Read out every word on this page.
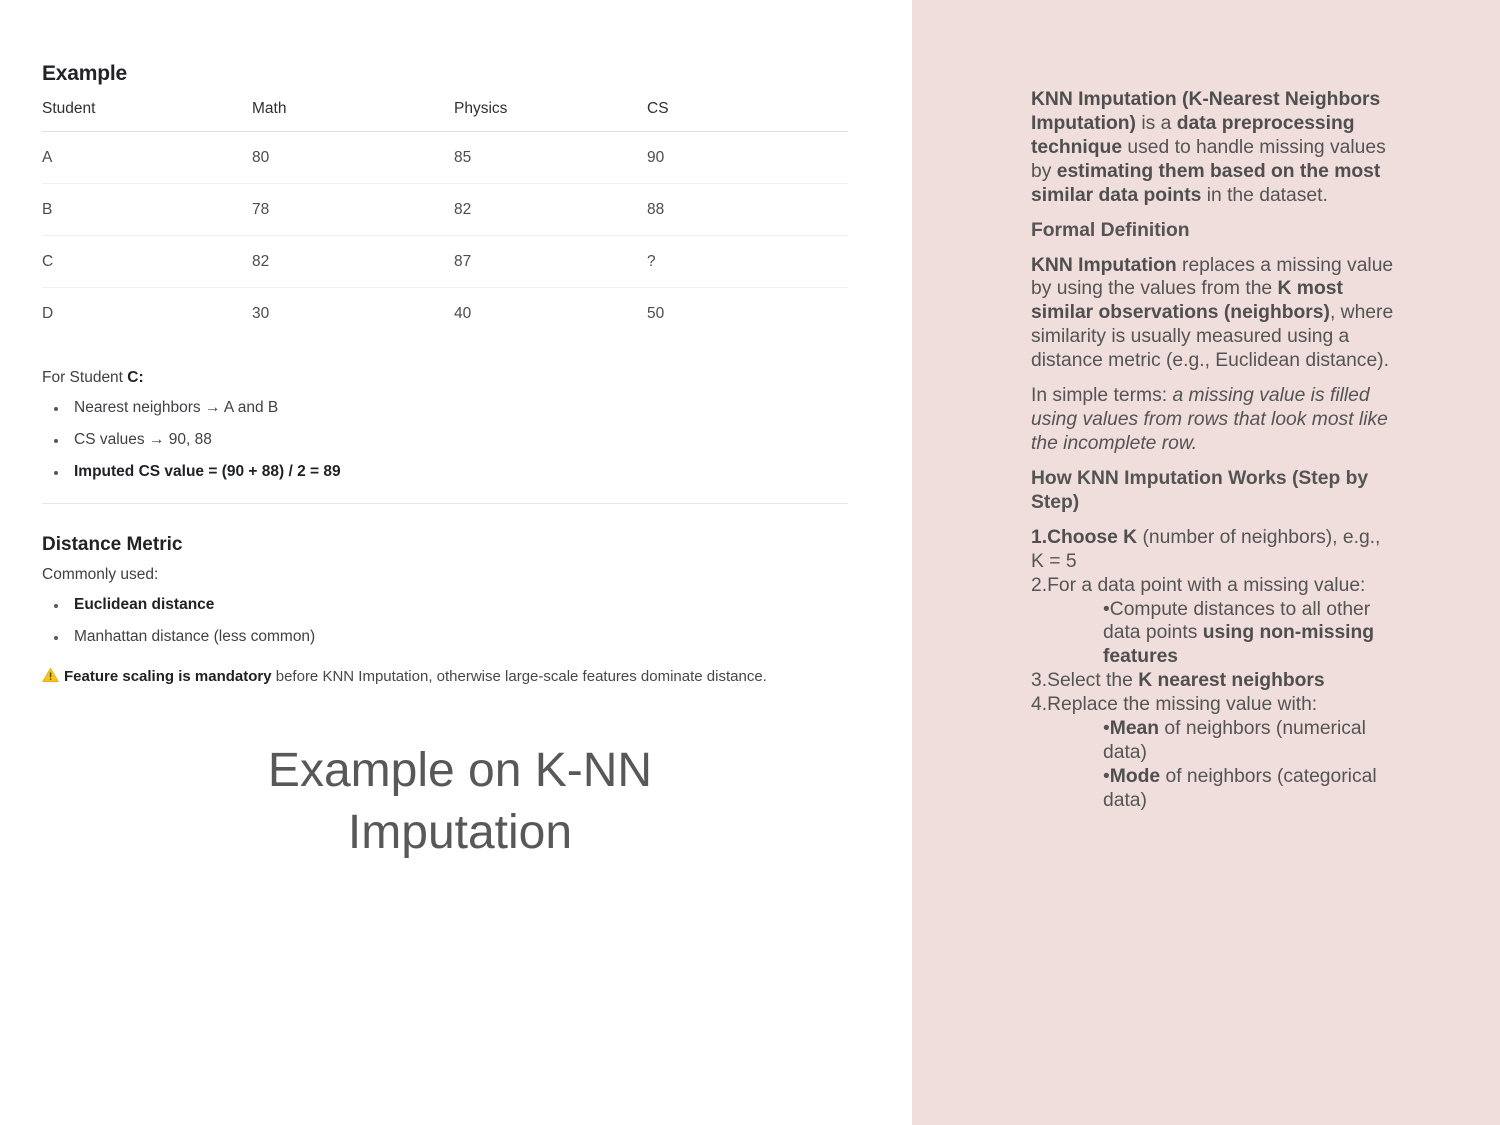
Example
Student	Math	Physics	CS
A	80	85	90
B	78	82	88
C	82	87	?
D	30	40	50

For Student C:

Nearest neighbors → A and B
CS values → 90, 88
Imputed CS value = (90 + 88) / 2 = 89
Distance Metric

Commonly used:

Euclidean distance
Manhattan distance (less common)
Feature scaling is mandatory before KNN Imputation, otherwise large-scale features dominate distance.
Example on K-NN
Imputation

KNN Imputation (K-Nearest Neighbors Imputation) is a data preprocessing technique used to handle missing values by estimating them based on the most similar data points in the dataset.

Formal Definition

KNN Imputation replaces a missing value by using the values from the K most similar observations (neighbors), where similarity is usually measured using a distance metric (e.g., Euclidean distance).

In simple terms: a missing value is filled using values from rows that look most like the incomplete row.

How KNN Imputation Works (Step by Step)

1.Choose K (number of neighbors), e.g., K = 5
2.For a data point with a missing value:
•Compute distances to all other data points using non-missing features
3.Select the K nearest neighbors
4.Replace the missing value with:
•Mean of neighbors (numerical data)
•Mode of neighbors (categorical data)
